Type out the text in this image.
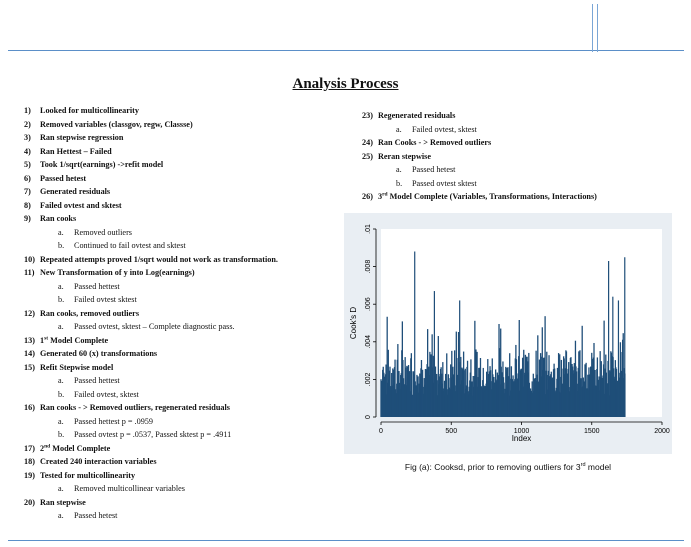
Analysis Process
1) Looked for multicollinearity
2) Removed variables (classgov, regw, Classse)
3) Ran stepwise regression
4) Ran Hettest – Failed
5) Took 1/sqrt(earnings) ->refit model
6) Passed hetest
7) Generated residuals
8) Failed ovtest and sktest
9) Ran cooks
a. Removed outliers
b. Continued to fail ovtest and sktest
10) Repeated attempts proved 1/sqrt would not work as transformation.
11) New Transformation of y into Log(earnings)
a. Passed hettest
b. Failed ovtest sktest
12) Ran cooks, removed outliers
a. Passed ovtest, sktest – Complete diagnostic pass.
13) 1st Model Complete
14) Generated 60 (x) transformations
15) Refit Stepwise model
a. Passed hettest
b. Failed ovtest, sktest
16) Ran cooks - > Removed outliers, regenerated residuals
a. Passed hettest p = .0959
b. Passed ovtest p = .0537, Passed sktest p = .4911
17) 2nd Model Complete
18) Created 240 interaction variables
19) Tested for multicollinearity
a. Removed multicollinear variables
20) Ran stepwise
a. Passed hetest
23) Regenerated residuals
a. Failed ovtest, sktest
24) Ran Cooks - > Removed outliers
25) Reran stepwise
a. Passed hetest
b. Passed ovtest sktest
26) 3rd Model Complete (Variables, Transformations, Interactions)
0
.002
.004
.006
.008
.01
0	500	1000	1500	2000
Index
Cook's D
Fig (a): Cooksd, prior to removing outliers for 3rd model
